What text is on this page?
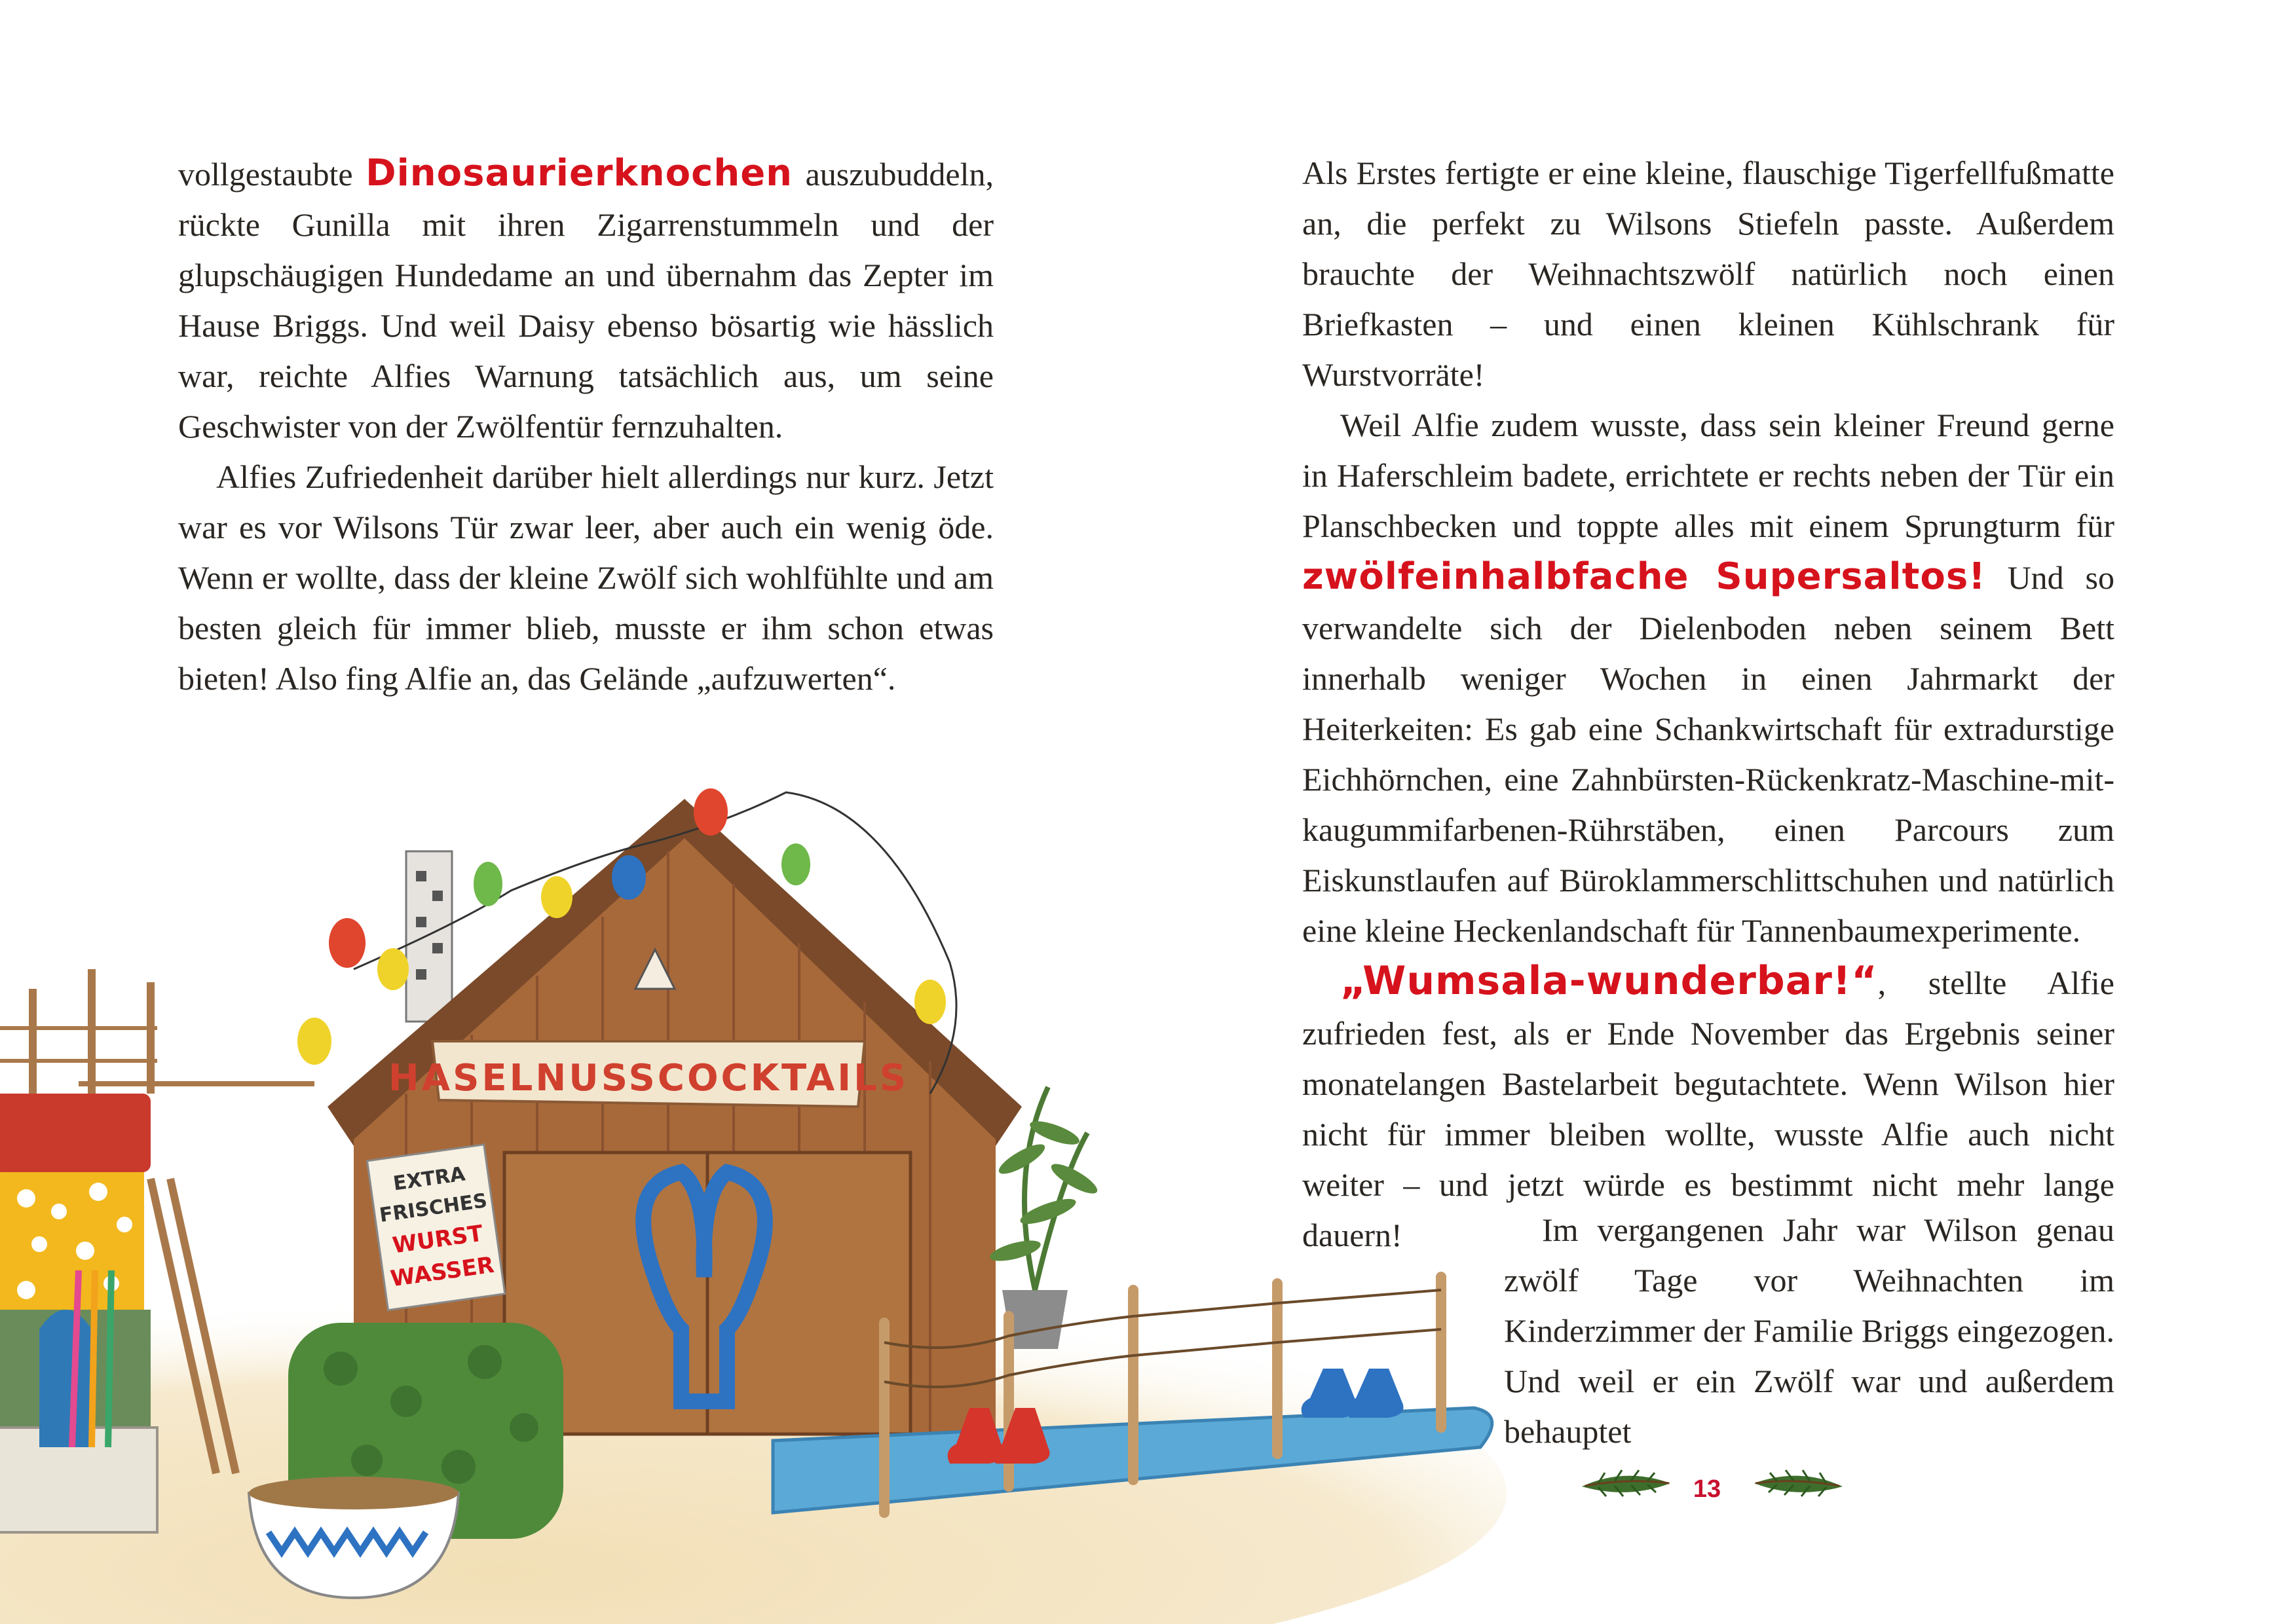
vollgestaubte Dinosaurierknochen auszubuddeln, rückte Gunilla mit ihren Zigarrenstummeln und der glupschäugigen Hundedame an und übernahm das Zepter im Hause Briggs. Und weil Daisy ebenso bösartig wie hässlich war, reichte Alfies Warnung tatsächlich aus, um seine Geschwister von der Zwölfentür fernzuhalten.

Alfies Zufriedenheit darüber hielt allerdings nur kurz. Jetzt war es vor Wilsons Tür zwar leer, aber auch ein wenig öde. Wenn er wollte, dass der kleine Zwölf sich wohlfühlte und am besten gleich für immer blieb, musste er ihm schon etwas bieten! Also fing Alfie an, das Gelände „aufzuwerten“.

Als Erstes fertigte er eine kleine, flauschige Tigerfellfußmatte an, die perfekt zu Wilsons Stiefeln passte. Außerdem brauchte der Weihnachtszwölf natürlich noch einen Briefkasten – und einen kleinen Kühlschrank für Wurstvorräte!

Weil Alfie zudem wusste, dass sein kleiner Freund gerne in Haferschleim badete, errichtete er rechts neben der Tür ein Planschbecken und toppte alles mit einem Sprungturm für zwölfeinhalbfache Supersaltos! Und so verwandelte sich der Dielenboden neben seinem Bett innerhalb weniger Wochen in einen Jahrmarkt der Heiterkeiten: Es gab eine Schankwirtschaft für extradurstige Eichhörnchen, eine Zahnbürsten-Rückenkratz-Maschine-mit-kaugummifarbenen-Rührstäben, einen Parcours zum Eiskunstlaufen auf Büroklammerschlittschuhen und natürlich eine kleine Heckenlandschaft für Tannenbaumexperimente.

„Wumsala-wunderbar!“, stellte Alfie zufrieden fest, als er Ende November das Ergebnis seiner monatelangen Bastelarbeit begutachtete. Wenn Wilson hier nicht für immer bleiben wollte, wusste Alfie auch nicht weiter – und jetzt würde es bestimmt nicht mehr lange dauern!	Im vergangenen Jahr war Wilson genau zwölf Tage vor Weihnachten im Kinderzimmer der Familie Briggs eingezogen. Und weil er ein Zwölf war und außerdem behauptet

13
HASELNUSSCOCKTAILS
EXTRA
FRISCHES
WURST
WASSER
